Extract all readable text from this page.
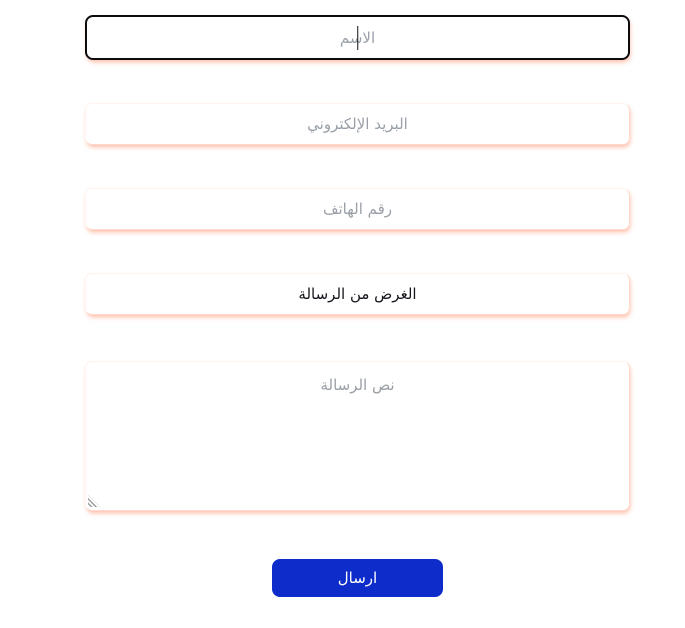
الاسم
البريد الإلكتروني
رقم الهاتف
الغرض من الرسالة
نص الرسالة
ارسال
